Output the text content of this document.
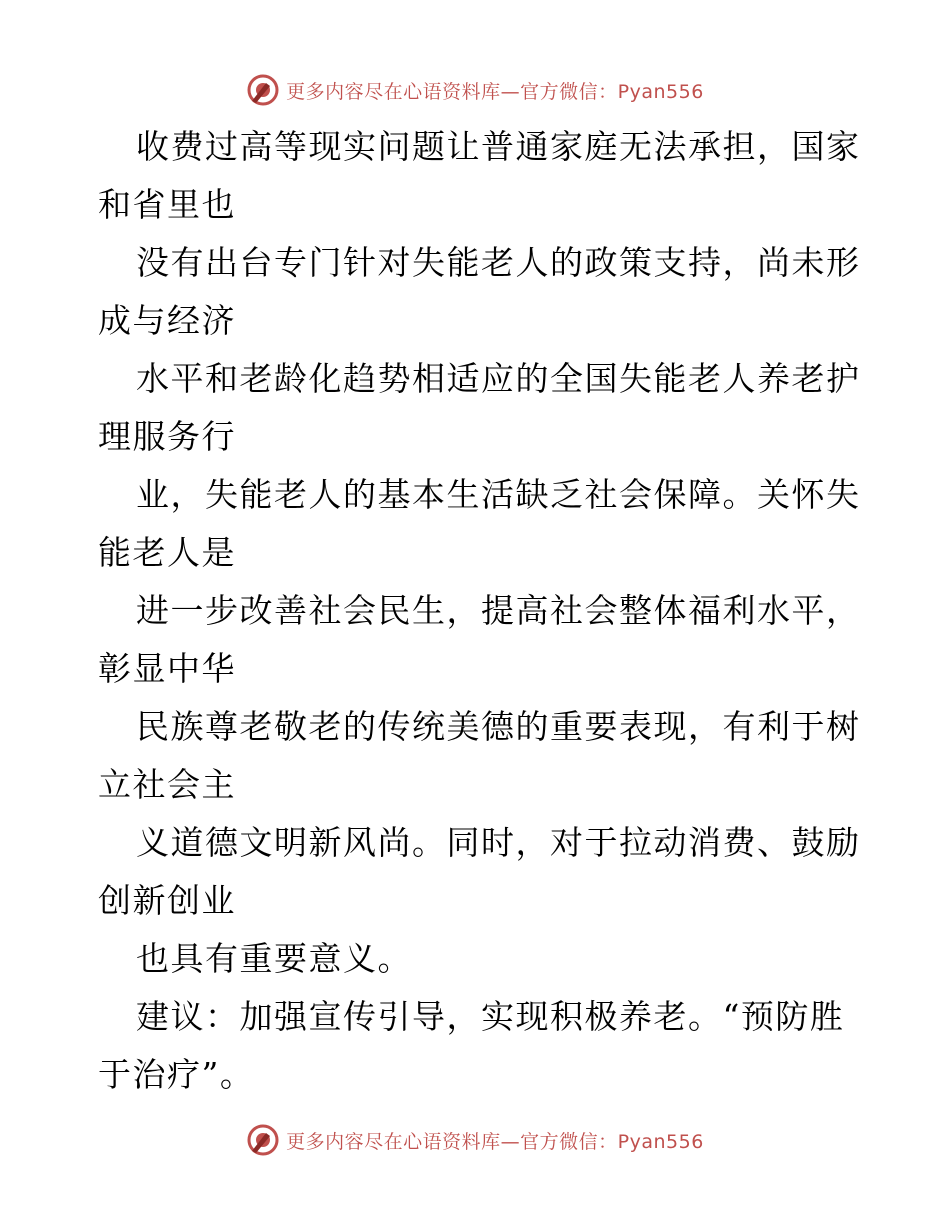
更多内容尽在心语资料库—官方微信：Pyan556
收费过高等现实问题让普通家庭无法承担，国家
和省里也
没有出台专门针对失能老人的政策支持，尚未形
成与经济
水平和老龄化趋势相适应的全国失能老人养老护
理服务行
业，失能老人的基本生活缺乏社会保障。关怀失
能老人是
进一步改善社会民生，提高社会整体福利水平，
彰显中华
民族尊老敬老的传统美德的重要表现，有利于树
立社会主
义道德文明新风尚。同时，对于拉动消费、鼓励
创新创业
也具有重要意义。
建议：加强宣传引导，实现积极养老。“预防胜
于治疗”。
更多内容尽在心语资料库—官方微信：Pyan556
